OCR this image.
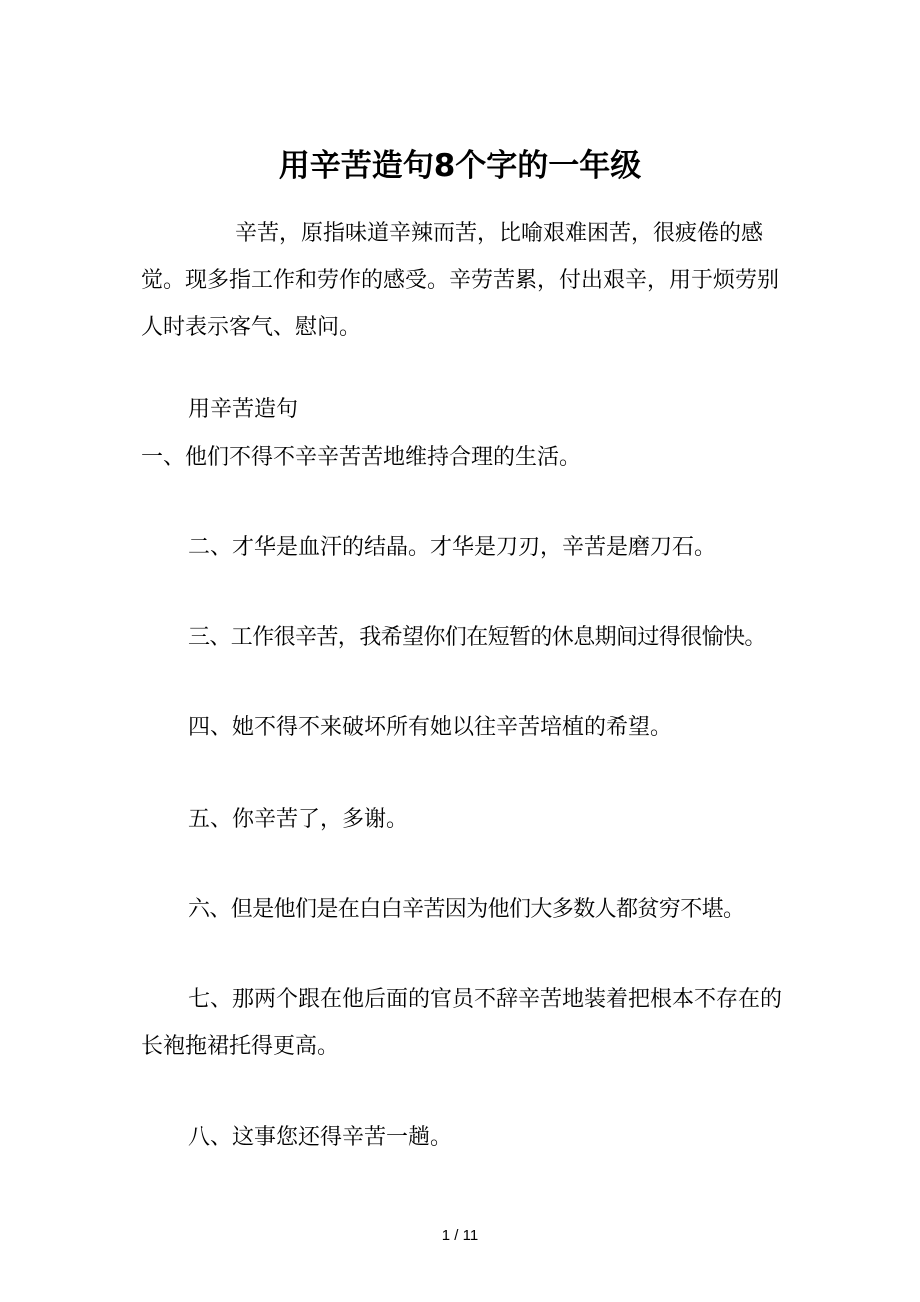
用辛苦造句8个字的一年级

辛苦，原指味道辛辣而苦，比喻艰难困苦，很疲倦的感觉。现多指工作和劳作的感受。辛劳苦累，付出艰辛，用于烦劳别人时表示客气、慰问。

用辛苦造句

一、他们不得不辛辛苦苦地维持合理的生活。

二、才华是血汗的结晶。才华是刀刃，辛苦是磨刀石。

三、工作很辛苦，我希望你们在短暂的休息期间过得很愉快。

四、她不得不来破坏所有她以往辛苦培植的希望。

五、你辛苦了，多谢。

六、但是他们是在白白辛苦因为他们大多数人都贫穷不堪。

七、那两个跟在他后面的官员不辞辛苦地装着把根本不存在的长袍拖裙托得更高。

八、这事您还得辛苦一趟。

1 / 11
